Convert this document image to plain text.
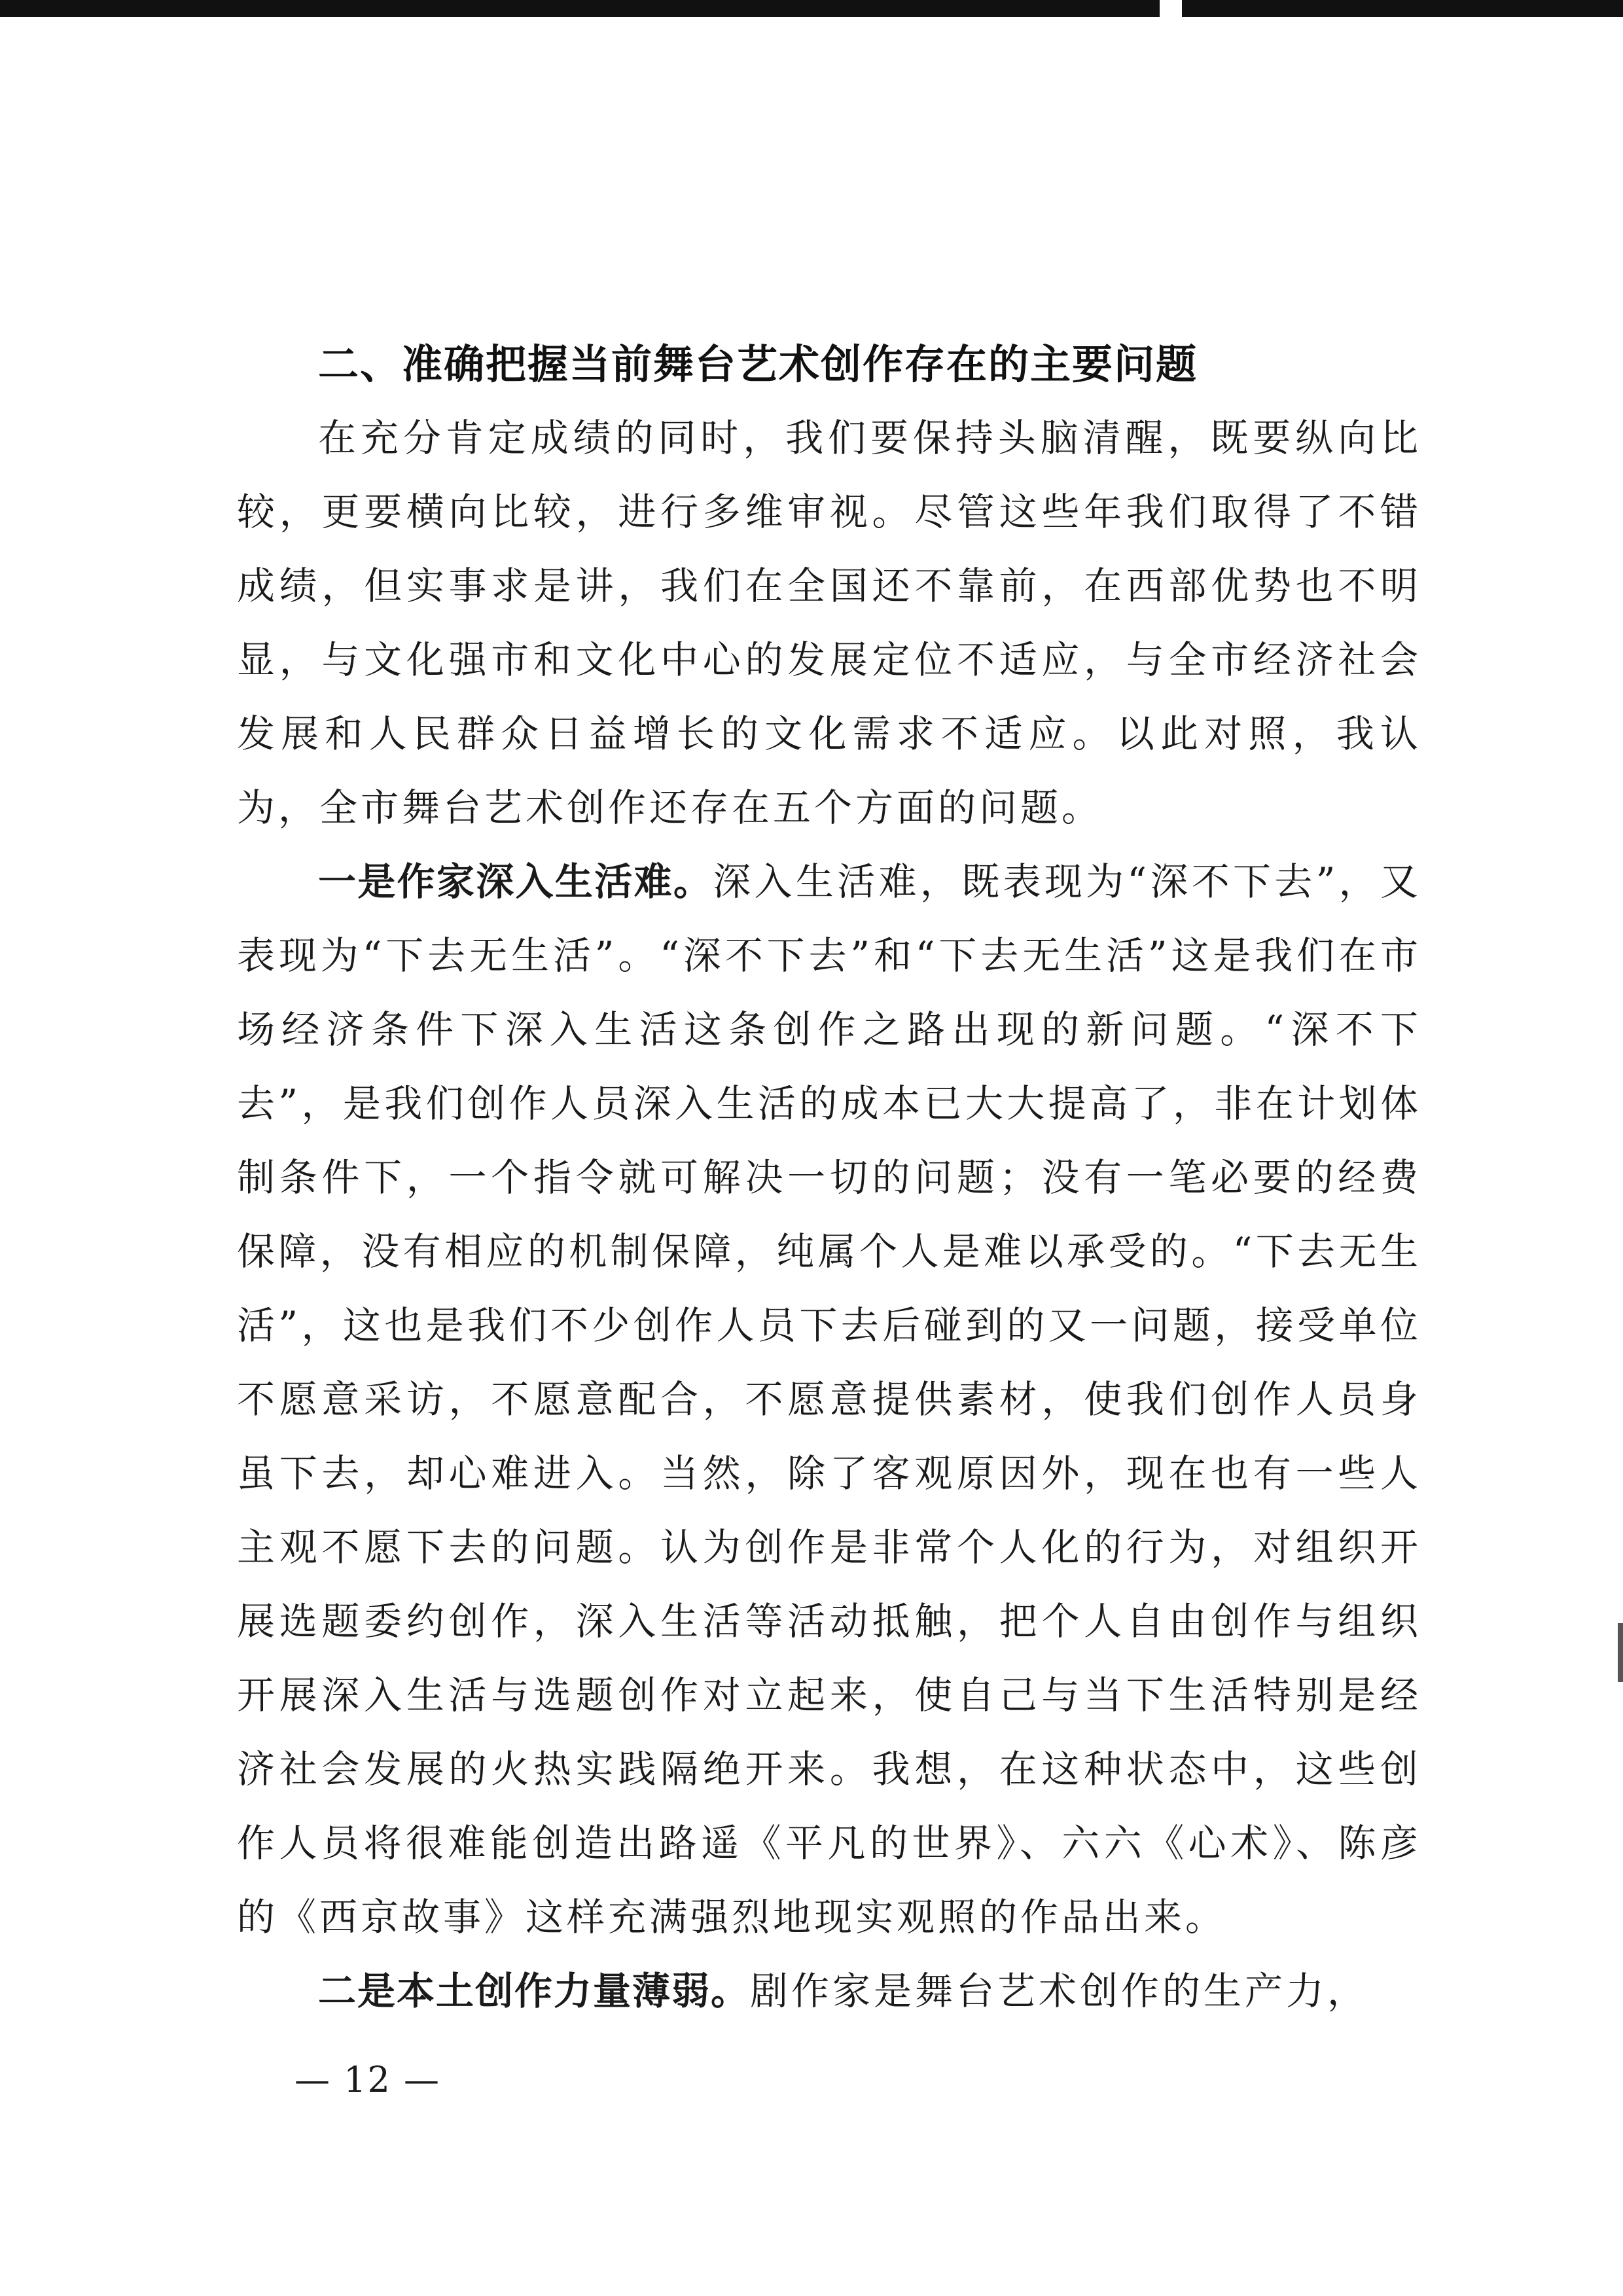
二、准确把握当前舞台艺术创作存在的主要问题

在充分肯定成绩的同时，我们要保持头脑清醒，既要纵向比较，更要横向比较，进行多维审视。尽管这些年我们取得了不错成绩，但实事求是讲，我们在全国还不靠前，在西部优势也不明显，与文化强市和文化中心的发展定位不适应，与全市经济社会发展和人民群众日益增长的文化需求不适应。以此对照，我认为，全市舞台艺术创作还存在五个方面的问题。

一是作家深入生活难。深入生活难，既表现为“深不下去”，又表现为“下去无生活”。“深不下去”和“下去无生活”这是我们在市场经济条件下深入生活这条创作之路出现的新问题。“深不下去”，是我们创作人员深入生活的成本已大大提高了，非在计划体制条件下，一个指令就可解决一切的问题；没有一笔必要的经费保障，没有相应的机制保障，纯属个人是难以承受的。“下去无生活”，这也是我们不少创作人员下去后碰到的又一问题，接受单位不愿意采访，不愿意配合，不愿意提供素材，使我们创作人员身虽下去，却心难进入。当然，除了客观原因外，现在也有一些人主观不愿下去的问题。认为创作是非常个人化的行为，对组织开展选题委约创作，深入生活等活动抵触，把个人自由创作与组织开展深入生活与选题创作对立起来，使自己与当下生活特别是经济社会发展的火热实践隔绝开来。我想，在这种状态中，这些创作人员将很难能创造出路遥《平凡的世界》、六六《心术》、陈彦的《西京故事》这样充满强烈地现实观照的作品出来。

二是本土创作力量薄弱。剧作家是舞台艺术创作的生产力，

— 12 —
